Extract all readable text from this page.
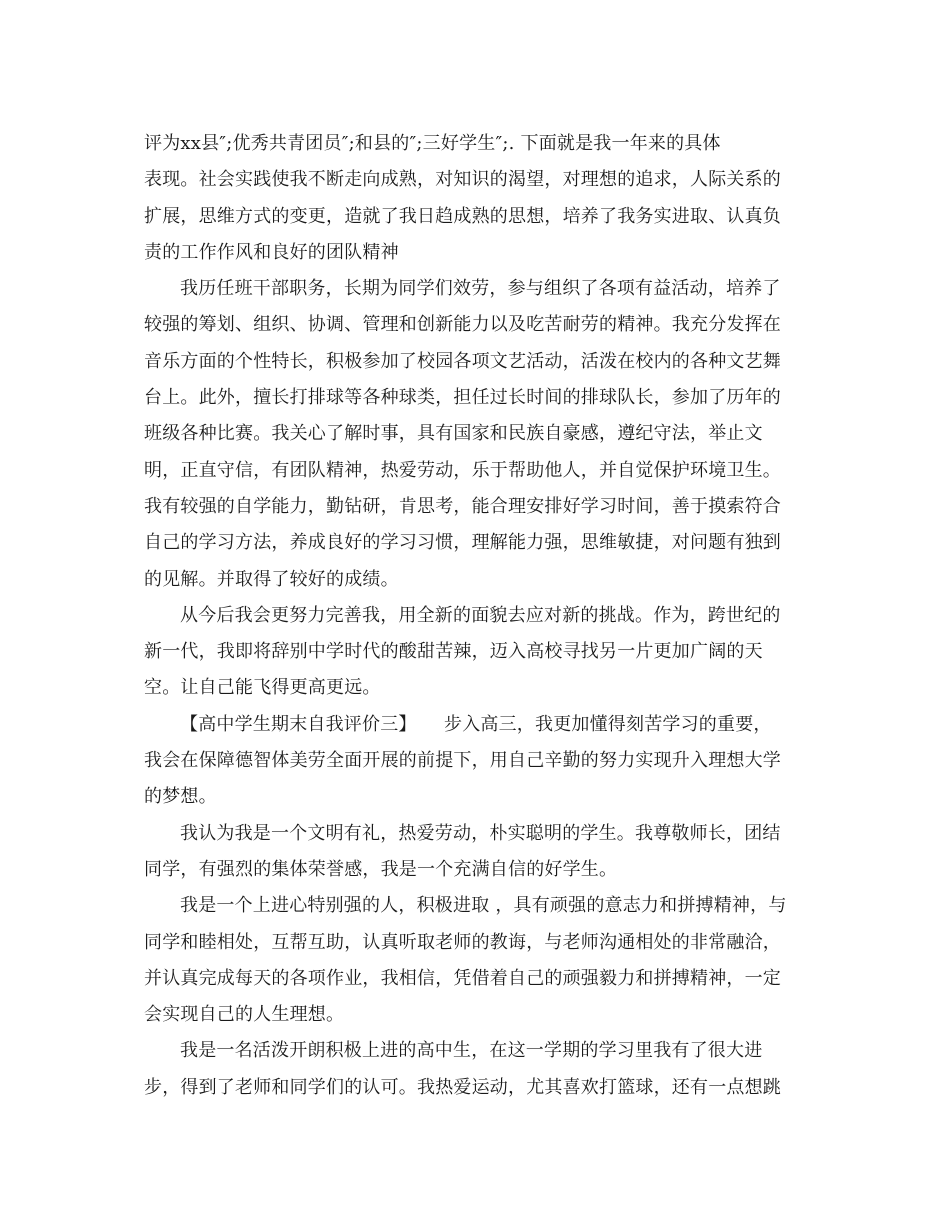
评为xx县″;优秀共青团员″;和县的″;三好学生″;. 下面就是我一年来的具体
表现。社会实践使我不断走向成熟，对知识的渴望，对理想的追求，人际关系的
扩展，思维方式的变更，造就了我日趋成熟的思想，培养了我务实进取、认真负
责的工作作风和良好的团队精神

我历任班干部职务，长期为同学们效劳，参与组织了各项有益活动，培养了
较强的筹划、组织、协调、管理和创新能力以及吃苦耐劳的精神。我充分发挥在
音乐方面的个性特长，积极参加了校园各项文艺活动，活泼在校内的各种文艺舞
台上。此外，擅长打排球等各种球类，担任过长时间的排球队长，参加了历年的
班级各种比赛。我关心了解时事，具有国家和民族自豪感，遵纪守法，举止文
明，正直守信，有团队精神，热爱劳动，乐于帮助他人，并自觉保护环境卫生。
我有较强的自学能力，勤钻研，肯思考，能合理安排好学习时间，善于摸索符合
自己的学习方法，养成良好的学习习惯，理解能力强，思维敏捷，对问题有独到
的见解。并取得了较好的成绩。

从今后我会更努力完善我，用全新的面貌去应对新的挑战。作为，跨世纪的
新一代，我即将辞别中学时代的酸甜苦辣，迈入高校寻找另一片更加广阔的天
空。让自己能飞得更高更远。

【高中学生期末自我评价三】　　步入高三，我更加懂得刻苦学习的重要，
我会在保障德智体美劳全面开展的前提下，用自己辛勤的努力实现升入理想大学
的梦想。

我认为我是一个文明有礼，热爱劳动，朴实聪明的学生。我尊敬师长，团结
同学，有强烈的集体荣誉感，我是一个充满自信的好学生。

我是一个上进心特别强的人，积极进取 ，具有顽强的意志力和拼搏精神，与
同学和睦相处，互帮互助，认真听取老师的教诲，与老师沟通相处的非常融洽，
并认真完成每天的各项作业，我相信，凭借着自己的顽强毅力和拼搏精神，一定
会实现自己的人生理想。

我是一名活泼开朗积极上进的高中生，在这一学期的学习里我有了很大进
步，得到了老师和同学们的认可。我热爱运动，尤其喜欢打篮球，还有一点想跳
